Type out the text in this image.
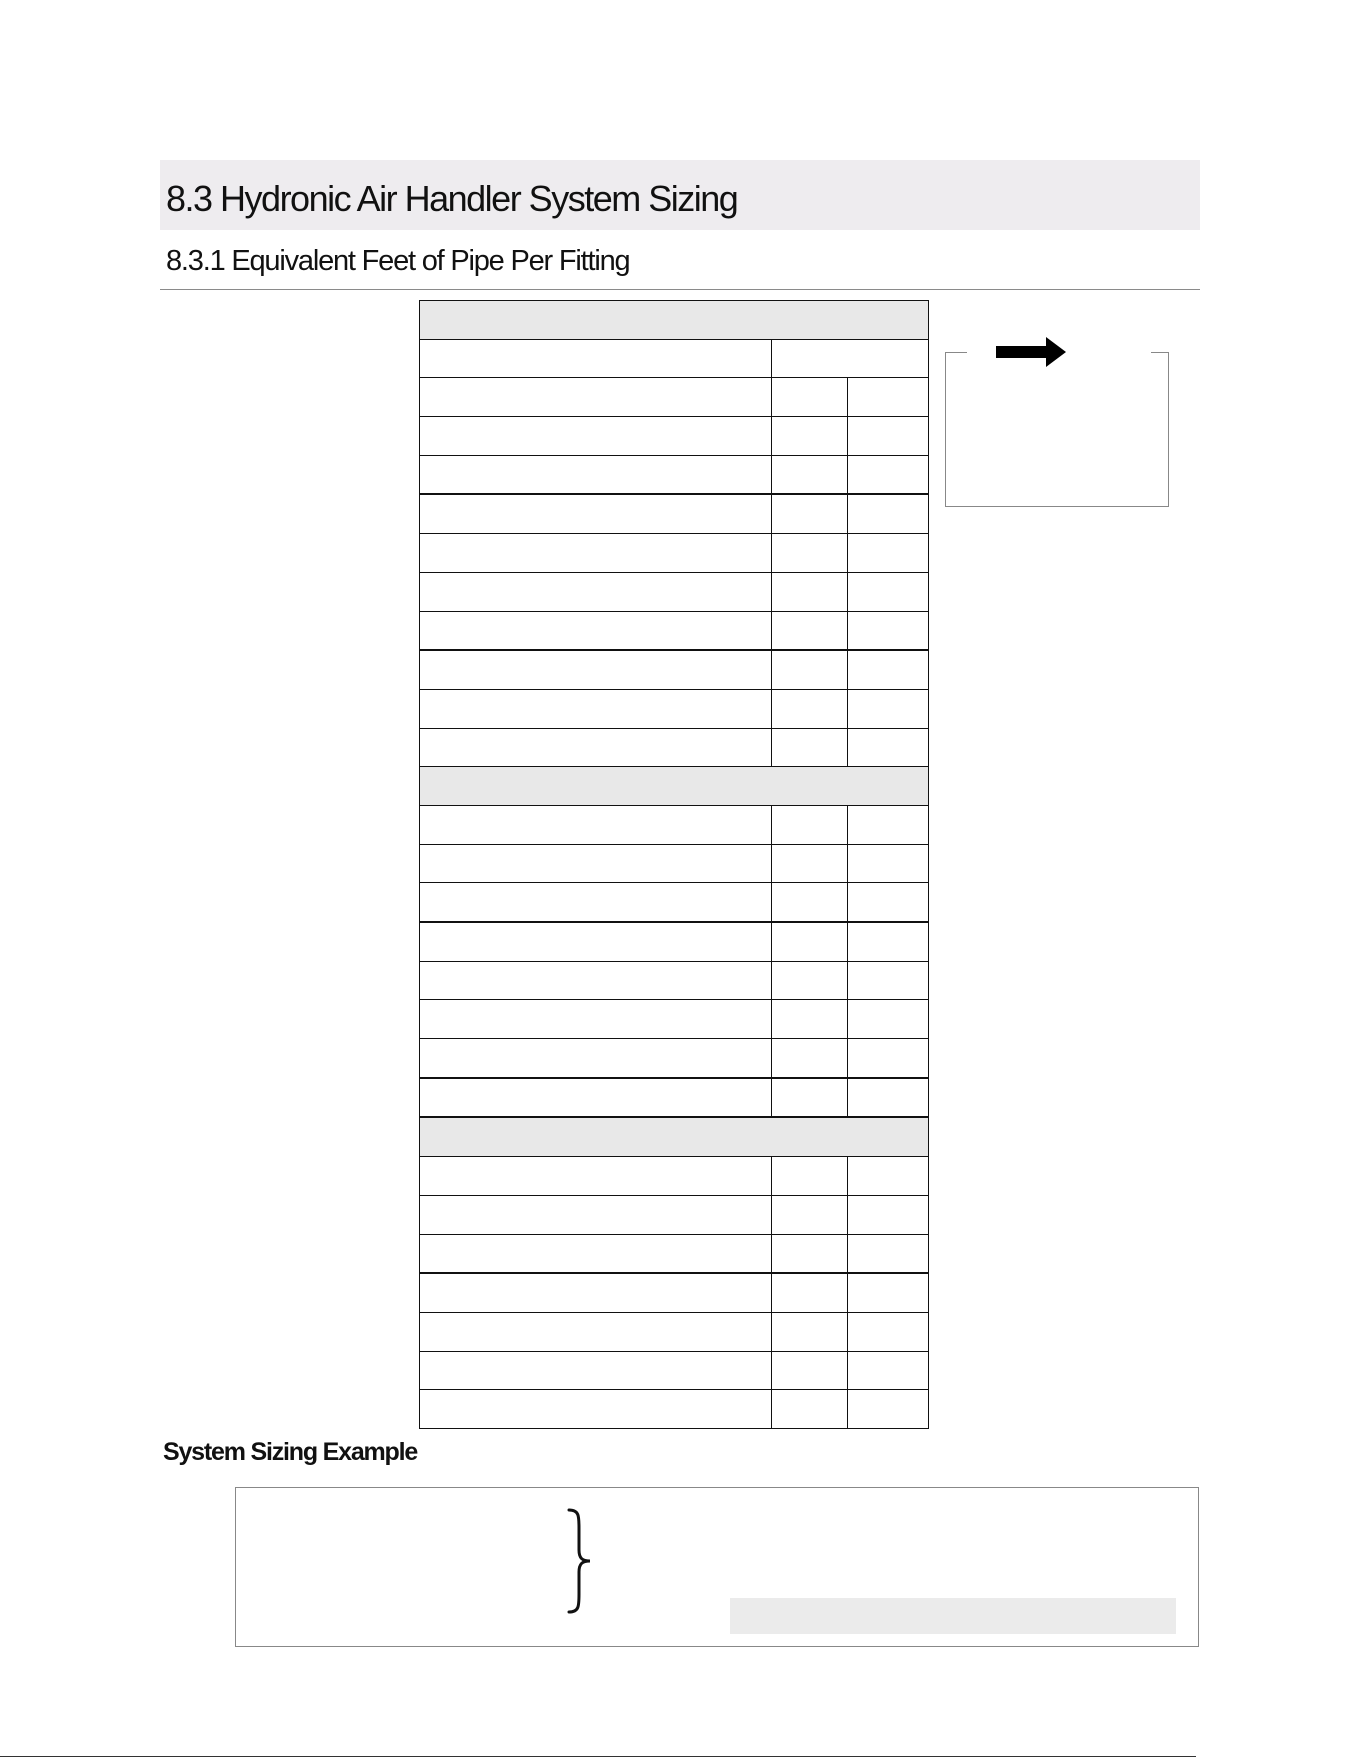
8.3 Hydronic Air Handler System Sizing
8.3.1 Equivalent Feet of Pipe Per Fitting

System Sizing Example
